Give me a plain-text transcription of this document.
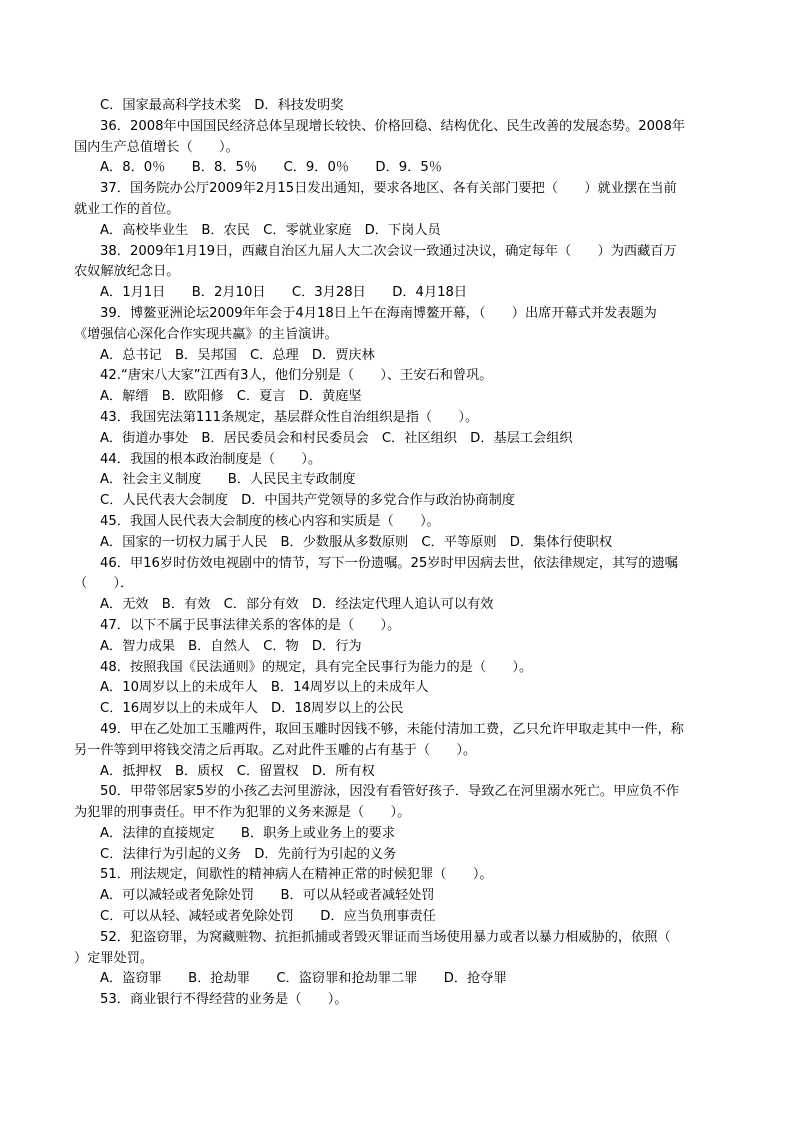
C．国家最高科学技术奖　D．科技发明奖
36．2008年中国国民经济总体呈现增长较快、价格回稳、结构优化、民生改善的发展态势。2008年
国内生产总值增长（　　）。
A．8．0％　　B．8．5％　　C．9．0％　　D．9．5％
37．国务院办公厅2009年2月15日发出通知，要求各地区、各有关部门要把（　　）就业摆在当前
就业工作的首位。
A．高校毕业生　B．农民　C．零就业家庭　D．下岗人员
38．2009年1月19日，西藏自治区九届人大二次会议一致通过决议，确定每年（　　）为西藏百万
农奴解放纪念日。
A．1月1日　　B．2月10日　　C．3月28日　　D．4月18日
39．博鳌亚洲论坛2009年年会于4月18日上午在海南博鳌开幕，（　　）出席开幕式并发表题为
《增强信心深化合作实现共赢》的主旨演讲。
A．总书记　B．吴邦国　C．总理　D．贾庆林
42.“唐宋八大家”江西有3人，他们分别是（　　）、王安石和曾巩。
A．解缙　B．欧阳修　C．夏言　D．黄庭坚
43．我国宪法第111条规定，基层群众性自治组织是指（　　）。
A．街道办事处　B．居民委员会和村民委员会　C．社区组织　D．基层工会组织
44．我国的根本政治制度是（　　）。
A．社会主义制度　　B．人民民主专政制度
C．人民代表大会制度　D．中国共产党领导的多党合作与政治协商制度
45．我国人民代表大会制度的核心内容和实质是（　　）。
A．国家的一切权力属于人民　B．少数服从多数原则　C．平等原则　D．集体行使职权
46．甲16岁时仿效电视剧中的情节，写下一份遗嘱。25岁时甲因病去世，依法律规定，其写的遗嘱
（　　）．
A．无效　B．有效　C．部分有效　D．经法定代理人追认可以有效
47．以下不属于民事法律关系的客体的是（　　）。
A．智力成果　B．自然人　C．物　D．行为
48．按照我国《民法通则》的规定，具有完全民事行为能力的是（　　）。
A．10周岁以上的未成年人　B．14周岁以上的未成年人
C．16周岁以上的未成年人　D．18周岁以上的公民
49．甲在乙处加工玉雕两件，取回玉雕时因钱不够，未能付清加工费，乙只允许甲取走其中一件，称
另一件等到甲将钱交清之后再取。乙对此件玉雕的占有基于（　　）。
A．抵押权　B．质权　C．留置权　D．所有权
50．甲带邻居家5岁的小孩乙去河里游泳，因没有看管好孩子．导致乙在河里溺水死亡。甲应负不作
为犯罪的刑事责任。甲不作为犯罪的义务来源是（　　）。
A．法律的直接规定　　B．职务上或业务上的要求
C．法律行为引起的义务　D．先前行为引起的义务
51．刑法规定，间歇性的精神病人在精神正常的时候犯罪（　　）。
A．可以减轻或者免除处罚　　B．可以从轻或者减轻处罚
C．可以从轻、减轻或者免除处罚　　D．应当负刑事责任
52．犯盗窃罪，为窝藏赃物、抗拒抓捕或者毁灭罪证而当场使用暴力或者以暴力相威胁的，依照（
）定罪处罚。
A．盗窃罪　　B．抢劫罪　　C．盗窃罪和抢劫罪二罪　　D．抢夺罪
53．商业银行不得经营的业务是（　　）。
